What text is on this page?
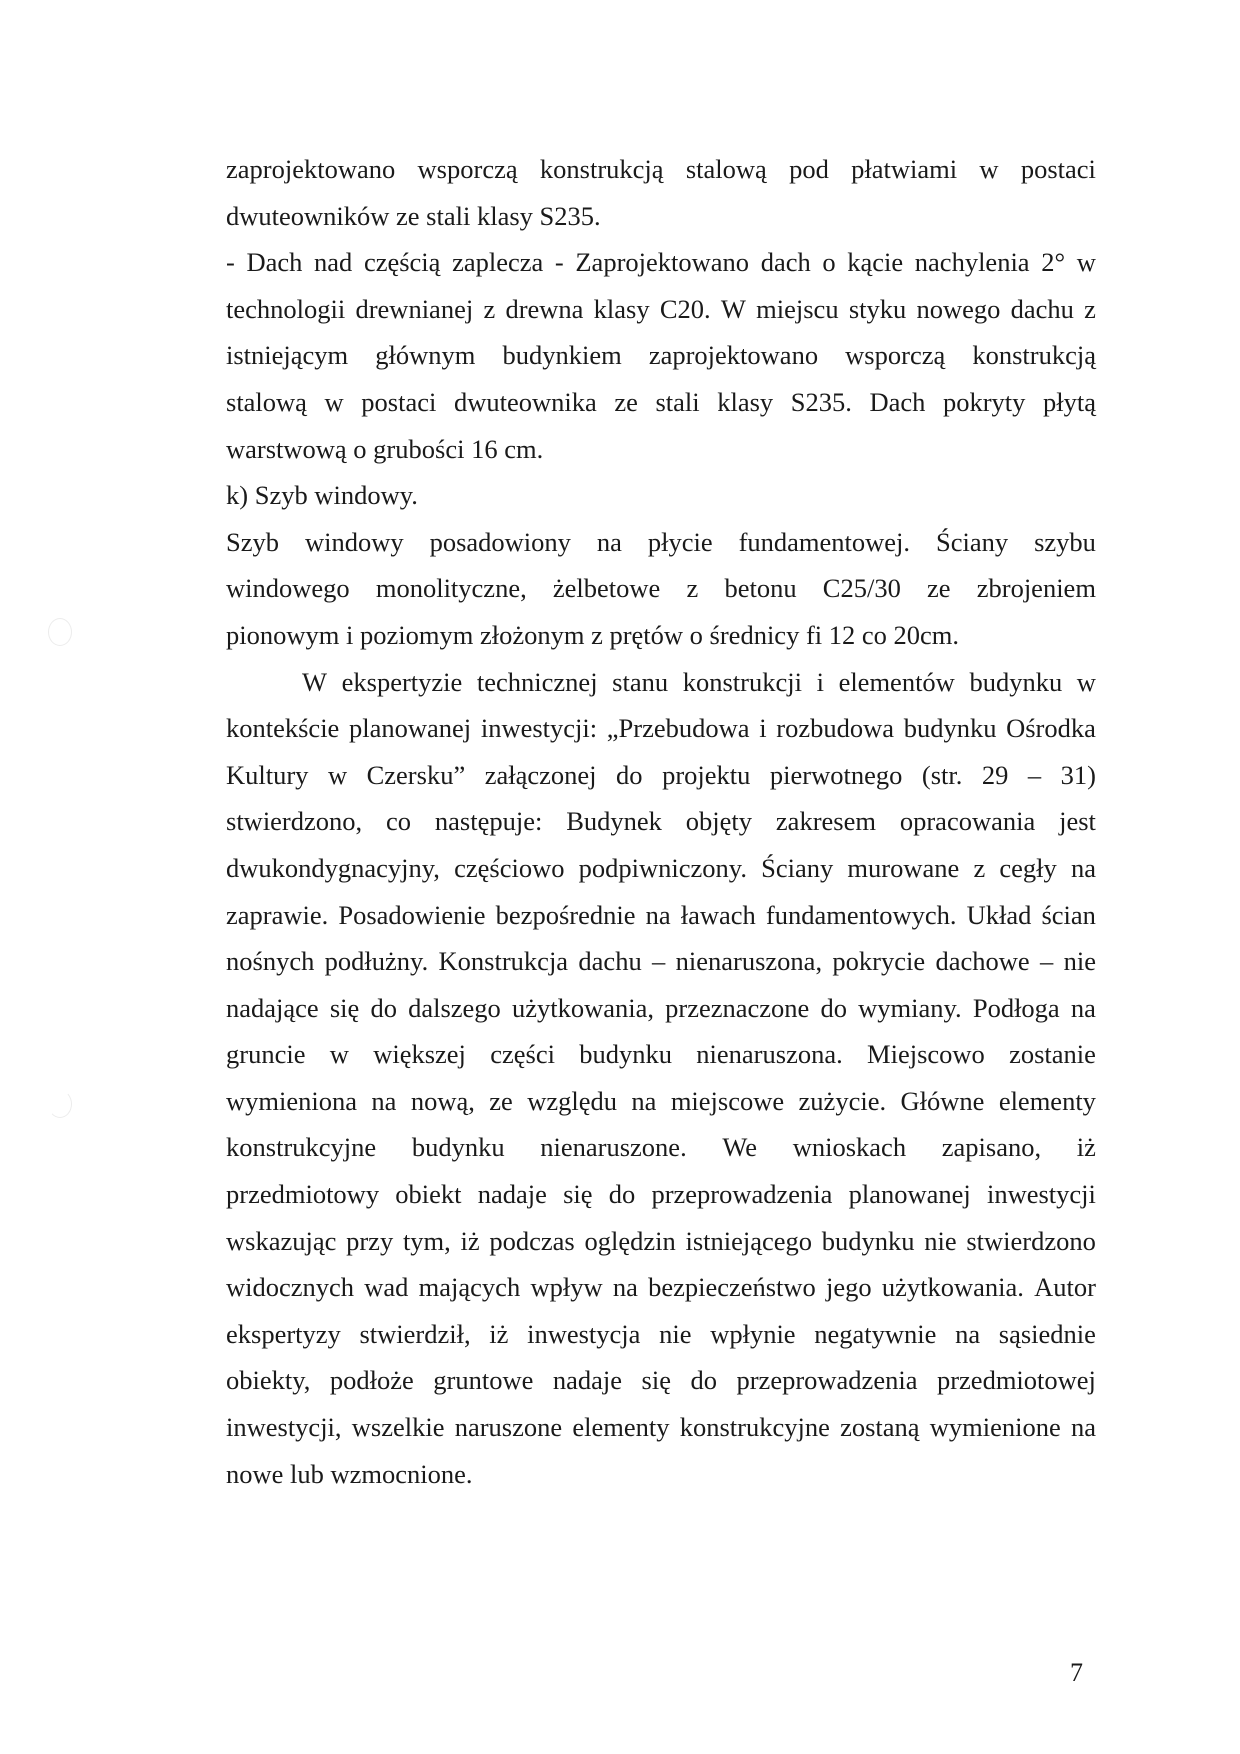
zaprojektowano wsporczą konstrukcją stalową pod płatwiami w postaci
dwuteowników ze stali klasy S235.
- Dach nad częścią zaplecza - Zaprojektowano dach o kącie nachylenia 2° w
technologii drewnianej z drewna klasy C20. W miejscu styku nowego dachu z
istniejącym głównym budynkiem zaprojektowano wsporczą konstrukcją
stalową w postaci dwuteownika ze stali klasy S235. Dach pokryty płytą
warstwową o grubości 16 cm.
k) Szyb windowy.
Szyb windowy posadowiony na płycie fundamentowej. Ściany szybu
windowego monolityczne, żelbetowe z betonu C25/30 ze zbrojeniem
pionowym i poziomym złożonym z prętów o średnicy fi 12 co 20cm.
W ekspertyzie technicznej stanu konstrukcji i elementów budynku w
kontekście planowanej inwestycji: „Przebudowa i rozbudowa budynku Ośrodka
Kultury w Czersku” załączonej do projektu pierwotnego (str. 29 – 31)
stwierdzono, co następuje: Budynek objęty zakresem opracowania jest
dwukondygnacyjny, częściowo podpiwniczony. Ściany murowane z cegły na
zaprawie. Posadowienie bezpośrednie na ławach fundamentowych. Układ ścian
nośnych podłużny. Konstrukcja dachu – nienaruszona, pokrycie dachowe – nie
nadające się do dalszego użytkowania, przeznaczone do wymiany. Podłoga na
gruncie w większej części budynku nienaruszona. Miejscowo zostanie
wymieniona na nową, ze względu na miejscowe zużycie. Główne elementy
konstrukcyjne budynku nienaruszone. We wnioskach zapisano, iż
przedmiotowy obiekt nadaje się do przeprowadzenia planowanej inwestycji
wskazując przy tym, iż podczas oględzin istniejącego budynku nie stwierdzono
widocznych wad mających wpływ na bezpieczeństwo jego użytkowania. Autor
ekspertyzy stwierdził, iż inwestycja nie wpłynie negatywnie na sąsiednie
obiekty, podłoże gruntowe nadaje się do przeprowadzenia przedmiotowej
inwestycji, wszelkie naruszone elementy konstrukcyjne zostaną wymienione na
nowe lub wzmocnione.
7
